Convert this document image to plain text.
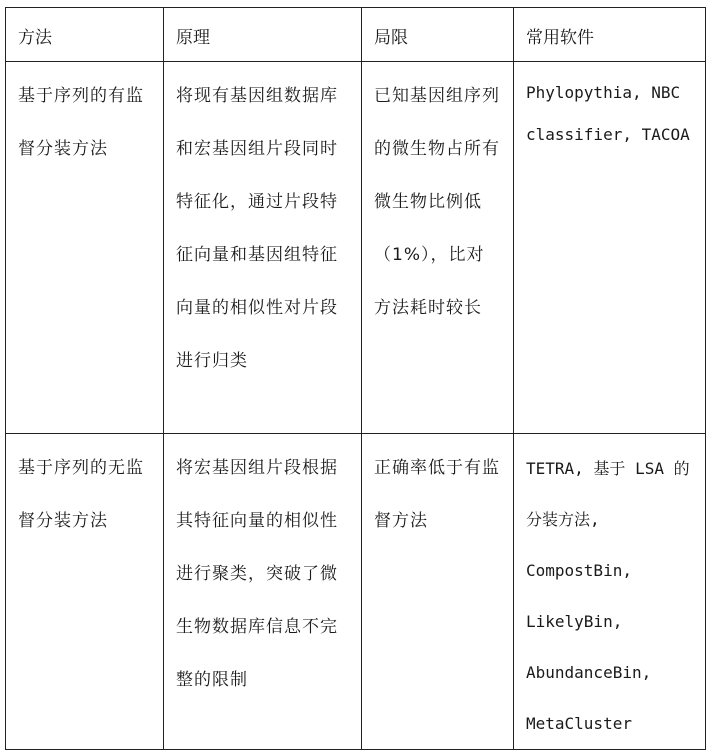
方法	原理	局限	常用软件

基于序列的有监督分装方法	将现有基因组数据库和宏基因组片段同时特征化，通过片段特征向量和基因组特征向量的相似性对片段进行归类	已知基因组序列的微生物占所有微生物比例低（1%），比对方法耗时较长	Phylopythia, NBC classifier, TACOA

基于序列的无监督分装方法	将宏基因组片段根据其特征向量的相似性进行聚类，突破了微生物数据库信息不完整的限制	正确率低于有监督方法	TETRA, 基于 LSA 的分装方法, CompostBin, LikelyBin, AbundanceBin, MetaCluster
